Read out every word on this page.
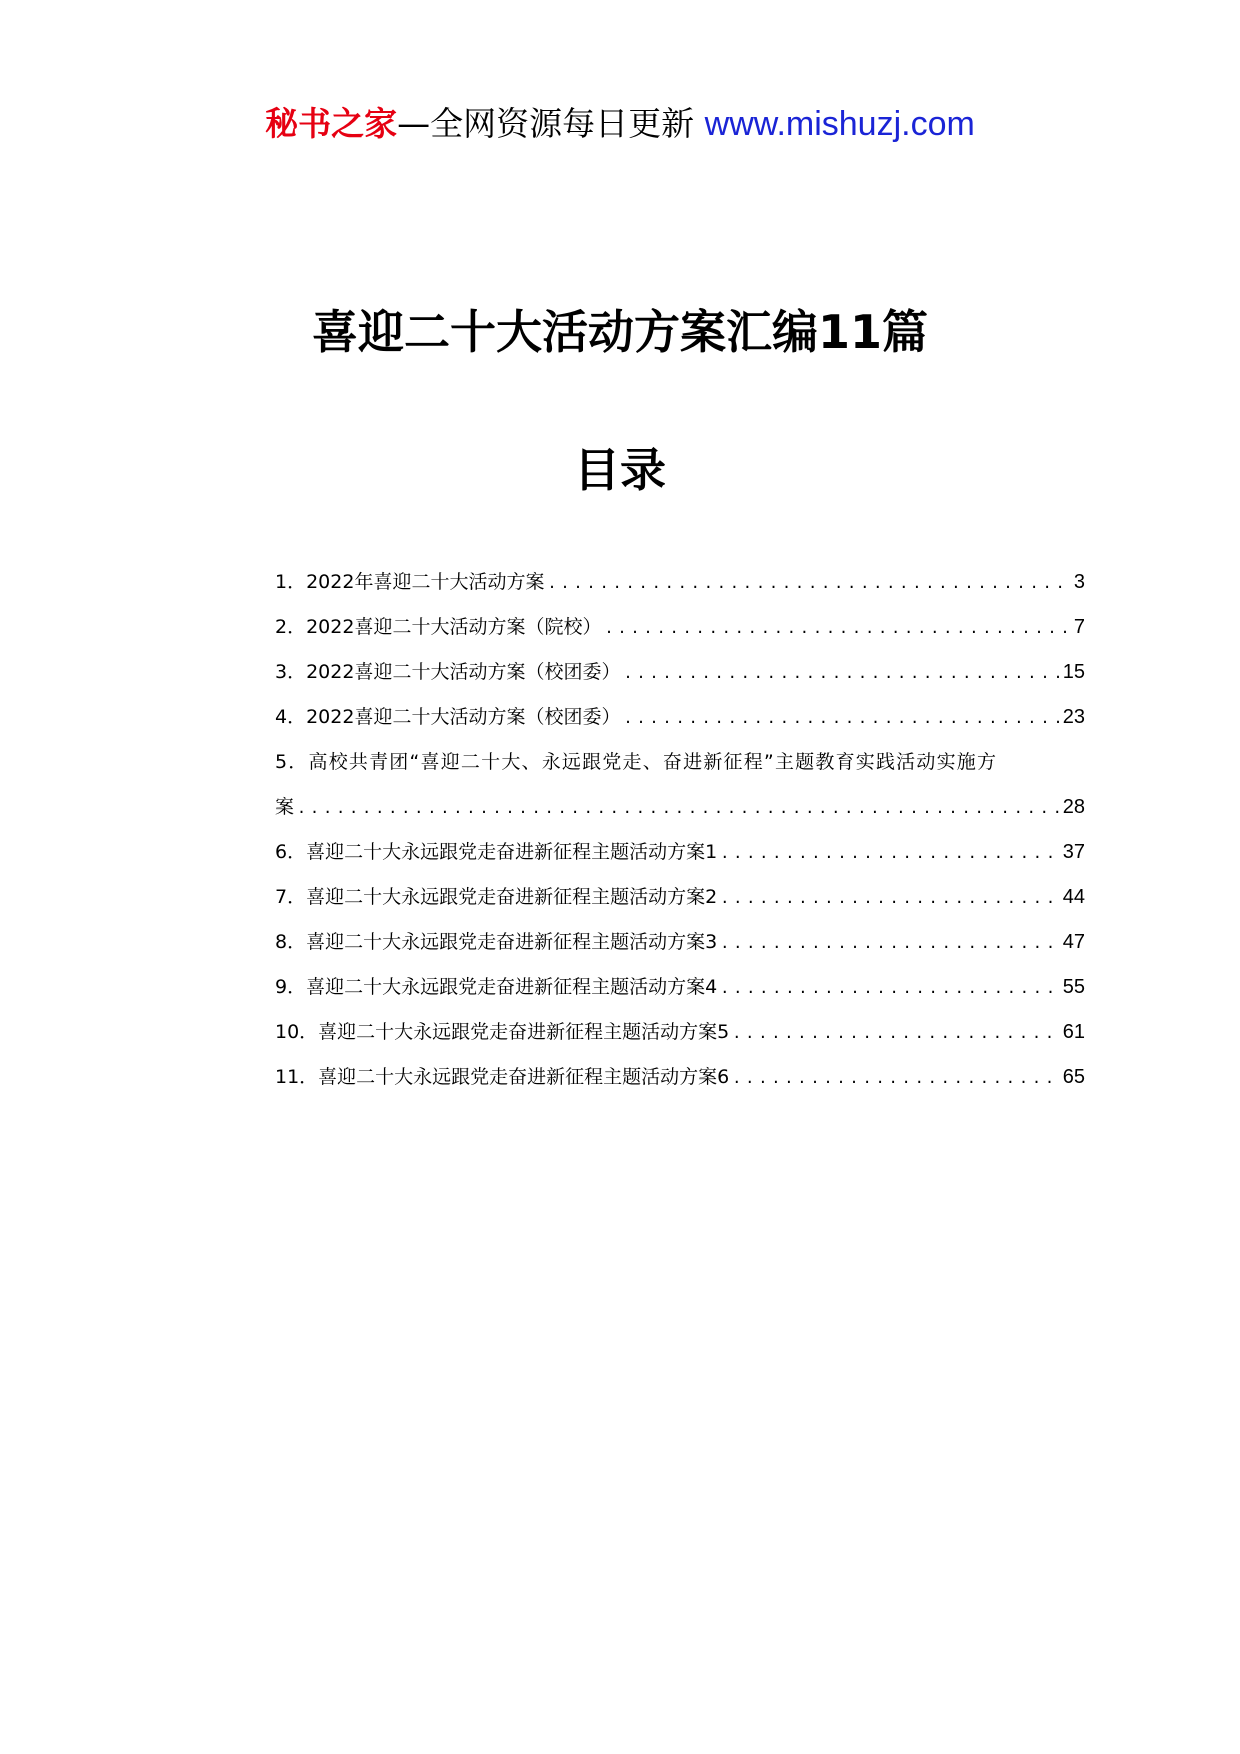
秘书之家—全网资源每日更新 www.mishuzj.com
喜迎二十大活动方案汇编11篇
目录
1．2022年喜迎二十大活动方案 .....	3
2．2022喜迎二十大活动方案（院校） .....	7
3．2022喜迎二十大活动方案（校团委） .....	15
4．2022喜迎二十大活动方案（校团委） .....	23
5．高校共青团“喜迎二十大、永远跟党走、奋进新征程”主题教育实践活动实施方
案 .....	28
6．喜迎二十大永远跟党走奋进新征程主题活动方案1 .....	37
7．喜迎二十大永远跟党走奋进新征程主题活动方案2 .....	44
8．喜迎二十大永远跟党走奋进新征程主题活动方案3 .....	47
9．喜迎二十大永远跟党走奋进新征程主题活动方案4 .....	55
10．喜迎二十大永远跟党走奋进新征程主题活动方案5 .....	61
11．喜迎二十大永远跟党走奋进新征程主题活动方案6 .....	65
